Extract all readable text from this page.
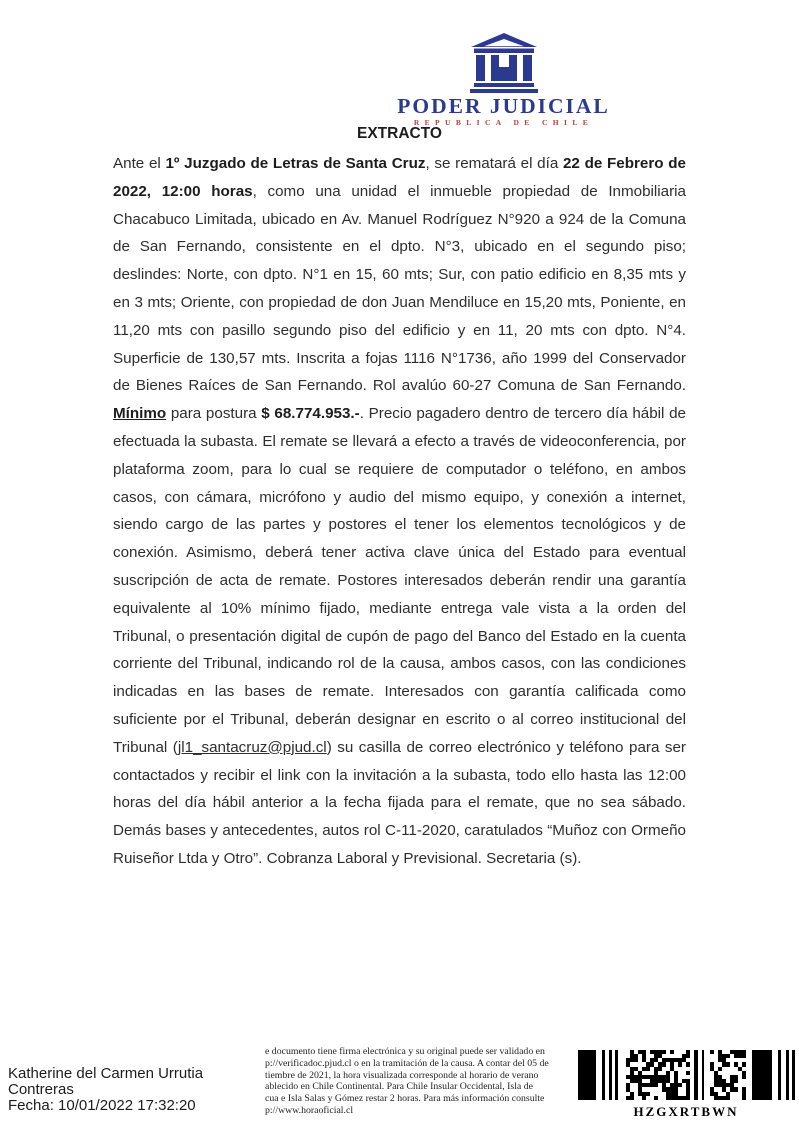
PODER JUDICIAL
REPUBLICA DE CHILE
EXTRACTO
Ante el 1º Juzgado de Letras de Santa Cruz, se rematará el día 22 de Febrero de 2022, 12:00 horas, como una unidad el inmueble propiedad de Inmobiliaria Chacabuco Limitada, ubicado en Av. Manuel Rodríguez N°920 a 924 de la Comuna de San Fernando, consistente en el dpto. N°3, ubicado en el segundo piso; deslindes: Norte, con dpto. N°1 en 15, 60 mts; Sur, con patio edificio en 8,35 mts y en 3 mts; Oriente, con propiedad de don Juan Mendiluce en 15,20 mts, Poniente, en 11,20 mts con pasillo segundo piso del edificio y en 11, 20 mts con dpto. N°4. Superficie de 130,57 mts. Inscrita a fojas 1116 N°1736, año 1999 del Conservador de Bienes Raíces de San Fernando. Rol avalúo 60-27 Comuna de San Fernando. Mínimo para postura $ 68.774.953.-. Precio pagadero dentro de tercero día hábil de efectuada la subasta. El remate se llevará a efecto a través de videoconferencia, por plataforma zoom, para lo cual se requiere de computador o teléfono, en ambos casos, con cámara, micrófono y audio del mismo equipo, y conexión a internet, siendo cargo de las partes y postores el tener los elementos tecnológicos y de conexión. Asimismo, deberá tener activa clave única del Estado para eventual suscripción de acta de remate. Postores interesados deberán rendir una garantía equivalente al 10% mínimo fijado, mediante entrega vale vista a la orden del Tribunal, o presentación digital de cupón de pago del Banco del Estado en la cuenta corriente del Tribunal, indicando rol de la causa, ambos casos, con las condiciones indicadas en las bases de remate. Interesados con garantía calificada como suficiente por el Tribunal, deberán designar en escrito o al correo institucional del Tribunal (jl1_santacruz@pjud.cl) su casilla de correo electrónico y teléfono para ser contactados y recibir el link con la invitación a la subasta, todo ello hasta las 12:00 horas del día hábil anterior a la fecha fijada para el remate, que no sea sábado. Demás bases y antecedentes, autos rol C-11-2020, caratulados “Muñoz con Ormeño Ruiseñor Ltda y Otro”. Cobranza Laboral y Previsional. Secretaria (s).
Katherine del Carmen Urrutia Contreras
Fecha: 10/01/2022 17:32:20
e documento tiene firma electrónica y su original puede ser validado en
p://verificadoc.pjud.cl o en la tramitación de la causa. A contar del 05 de
tiembre de 2021, la hora visualizada corresponde al horario de verano
ablecido en Chile Continental. Para Chile Insular Occidental, Isla de
cua e Isla Salas y Gómez restar 2 horas. Para más información consulte
p://www.horaoficial.cl	HZGXRTBWN
